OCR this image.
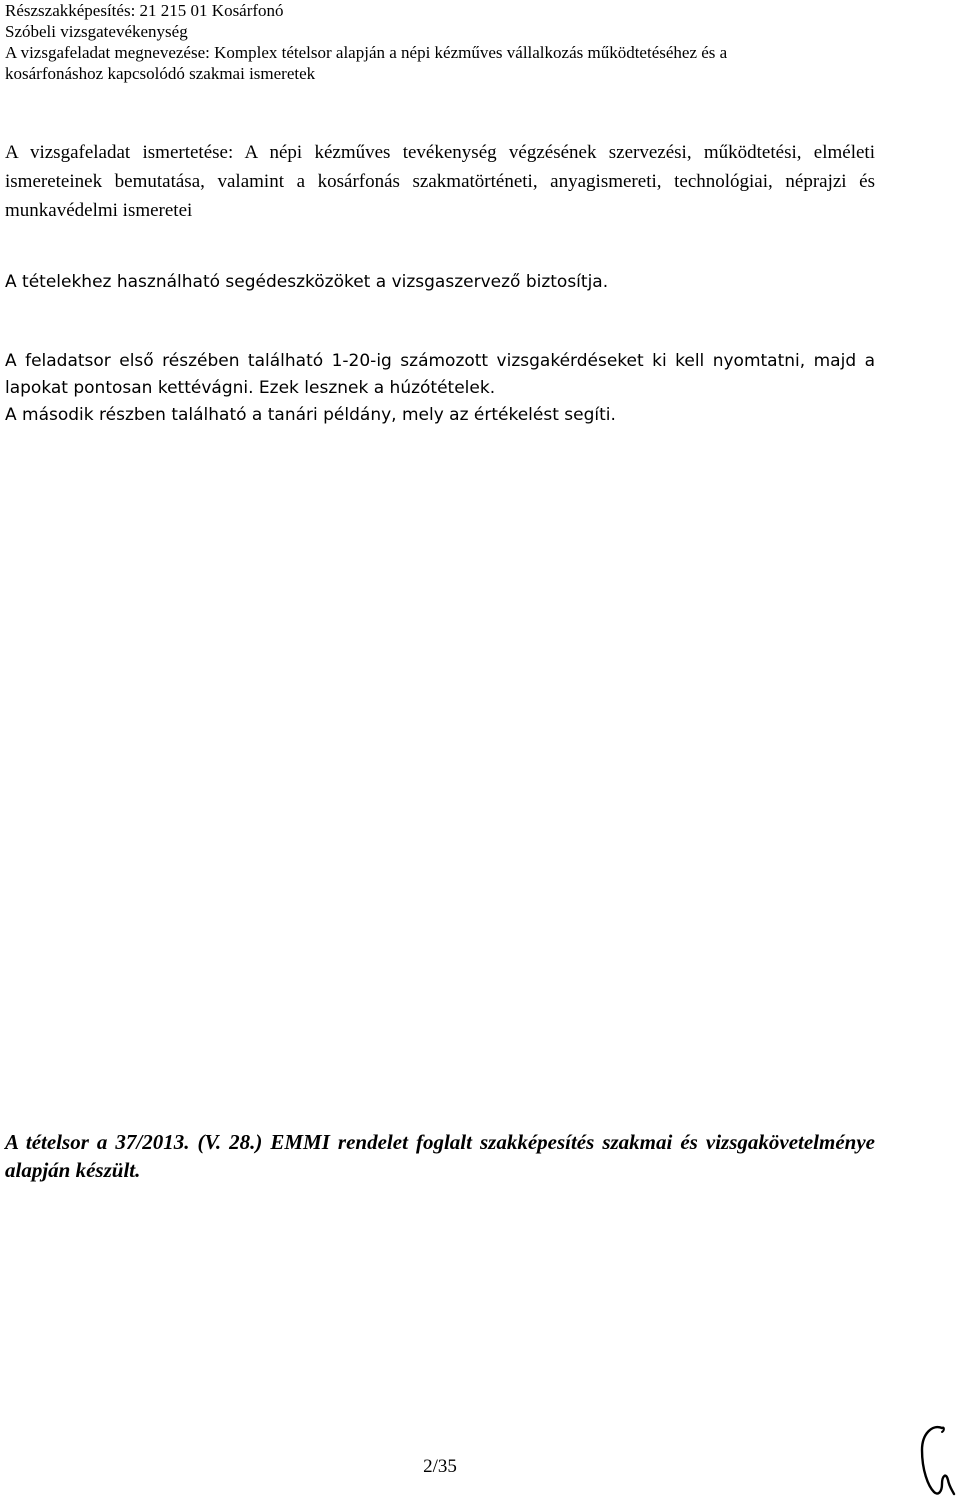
Részszakképesítés: 21 215 01 Kosárfonó
Szóbeli vizsgatevékenység
A vizsgafeladat megnevezése: Komplex tételsor alapján a népi kézműves vállalkozás működtetéséhez és a
kosárfonáshoz kapcsolódó szakmai ismeretek
A vizsgafeladat ismertetése: A népi kézműves tevékenység végzésének szervezési, működtetési, elméleti ismereteinek bemutatása, valamint a kosárfonás szakmatörténeti, anyagismereti, technológiai, néprajzi és munkavédelmi ismeretei
A tételekhez használható segédeszközöket a vizsgaszervező biztosítja.
A feladatsor első részében található 1-20-ig számozott vizsgakérdéseket ki kell nyomtatni, majd a lapokat pontosan kettévágni. Ezek lesznek a húzótételek.
A második részben található a tanári példány, mely az értékelést segíti.
A tételsor a 37/2013. (V. 28.) EMMI rendelet foglalt szakképesítés szakmai és vizsgakövetelménye alapján készült.
2/35
